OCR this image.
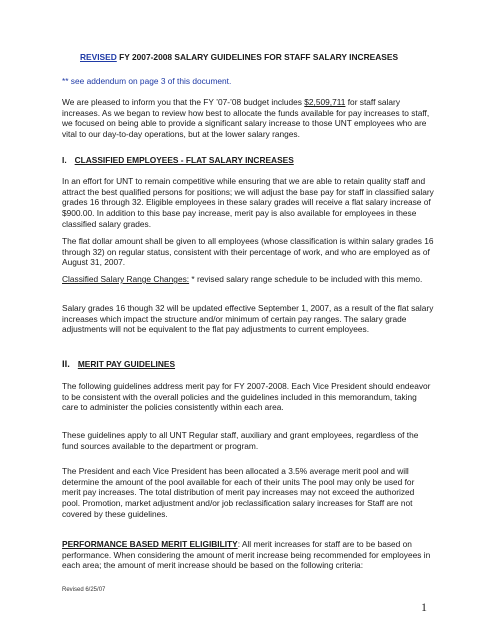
REVISED FY 2007-2008 SALARY GUIDELINES FOR STAFF SALARY INCREASES
** see addendum on page 3 of this document.
We are pleased to inform you that the FY ’07-’08 budget includes $2,509,711 for staff salary increases. As we began to review how best to allocate the funds available for pay increases to staff, we focused on being able to provide a significant salary increase to those UNT employees who are vital to our day-to-day operations, but at the lower salary ranges.
I. CLASSIFIED EMPLOYEES - FLAT SALARY INCREASES
In an effort for UNT to remain competitive while ensuring that we are able to retain quality staff and attract the best qualified persons for positions; we will adjust the base pay for staff in classified salary grades 16 through 32. Eligible employees in these salary grades will receive a flat salary increase of $900.00. In addition to this base pay increase, merit pay is also available for employees in these classified salary grades.
The flat dollar amount shall be given to all employees (whose classification is within salary grades 16 through 32) on regular status, consistent with their percentage of work, and who are employed as of August 31, 2007.
Classified Salary Range Changes: * revised salary range schedule to be included with this memo.
Salary grades 16 though 32 will be updated effective September 1, 2007, as a result of the flat salary increases which impact the structure and/or minimum of certain pay ranges. The salary grade adjustments will not be equivalent to the flat pay adjustments to current employees.
II. MERIT PAY GUIDELINES
The following guidelines address merit pay for FY 2007-2008. Each Vice President should endeavor to be consistent with the overall policies and the guidelines included in this memorandum, taking care to administer the policies consistently within each area.
These guidelines apply to all UNT Regular staff, auxiliary and grant employees, regardless of the fund sources available to the department or program.
The President and each Vice President has been allocated a 3.5% average merit pool and will determine the amount of the pool available for each of their units The pool may only be used for merit pay increases. The total distribution of merit pay increases may not exceed the authorized pool. Promotion, market adjustment and/or job reclassification salary increases for Staff are not covered by these guidelines.
PERFORMANCE BASED MERIT ELIGIBILITY: All merit increases for staff are to be based on performance. When considering the amount of merit increase being recommended for employees in each area; the amount of merit increase should be based on the following criteria:
Revised 6/25/07
1
